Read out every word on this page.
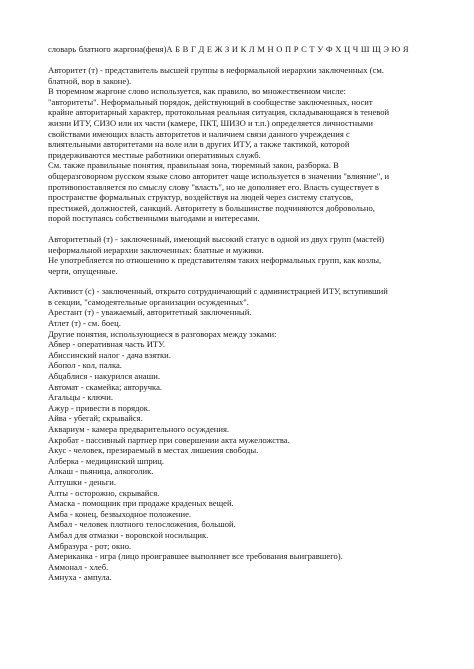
словарь блатного жаргона(феня)А Б В Г Д Е Ж З И К Л М Н О П Р С Т У Ф Х Ц Ч Ш Щ Э Ю Я
Авторитет (т) - представитель высшей группы в неформальной иерархии заключенных (см.
блатной, вор в законе).
В тюремном жаргоне слово используется, как правило, во множественном числе:
"авторитеты". Неформальный порядок, действующий в сообществе заключенных, носит
крайне авторитарный характер, протокольная реальная ситуация, складывающаяся в теневой
жизни ИТУ, СИЗО или их части (камере, ПКТ, ШИЗО и т.п.) определяется личностными
свойствами имеющих власть авторитетов и наличием связи данного учреждения с
влиятельными авторитетами на воле или в других ИТУ, а также тактикой, которой
придерживаются местные работники оперативных служб.
См. также правильные понятия, правильная зона, тюремный закон, разборка. В
общеразговорном русском языке слово авторитет чаще используется в значении "влияние", и
противопоставляется по смыслу слову "власть", но не дополняет его. Власть существует в
пространстве формальных структур, воздействуя на людей через систему статусов,
престижей, должностей, санкций. Авторитету в большинстве подчиняются добровольно,
порой поступаясь собственными выгодами и интересами.
Авторитетный (т) - заключенный, имеющий высокий статус в одной из двух групп (мастей)
неформальной иерархии заключенных: блатные и мужики.
Не употребляется по отношению к представителям таких неформальных групп, как козлы,
черти, опущенные.
Активист (с) - заключенный, открыто сотрудничающий с администрацией ИТУ, вступивший
в секции, "самодеятельные организации осужденных".
Арестант (т) - уважаемый, авторитетный заключенный.
Атлет (т) - см. боец.
Другие понятия, использующиеся в разговорах между зэками:
Абвер - оперативная часть ИТУ.
Абиссинский налог - дача взятки.
Абопол - кол, палка.
Абцаблися - накурился анаши.
Автомат - скамейка; авторучка.
Агальцы - ключи.
Ажур - привести в порядок.
Айва - убегай; скрывайся.
Аквариум - камера предварительного осуждения.
Акробат - пассивный партнер при совершении акта мужеложства.
Акус - человек, презираемый в местах лишения свободы.
Алберка - медицинский шприц.
Алкаш - пьяница, алкоголик.
Алтушки - деньги.
Алты - осторожно, скрывайся.
Амаска - помощник при продаже краденых вещей.
Амба - конец, безвыходное положение.
Амбал - человек плотного телосложения, большой.
Амбал для отмазки - воровской носильщик.
Амбразура - рот; окно.
Американка - игра (лицо проигравшее выполняет все требования выигравшего).
Аммонал - хлеб.
Амнуха - ампула.
